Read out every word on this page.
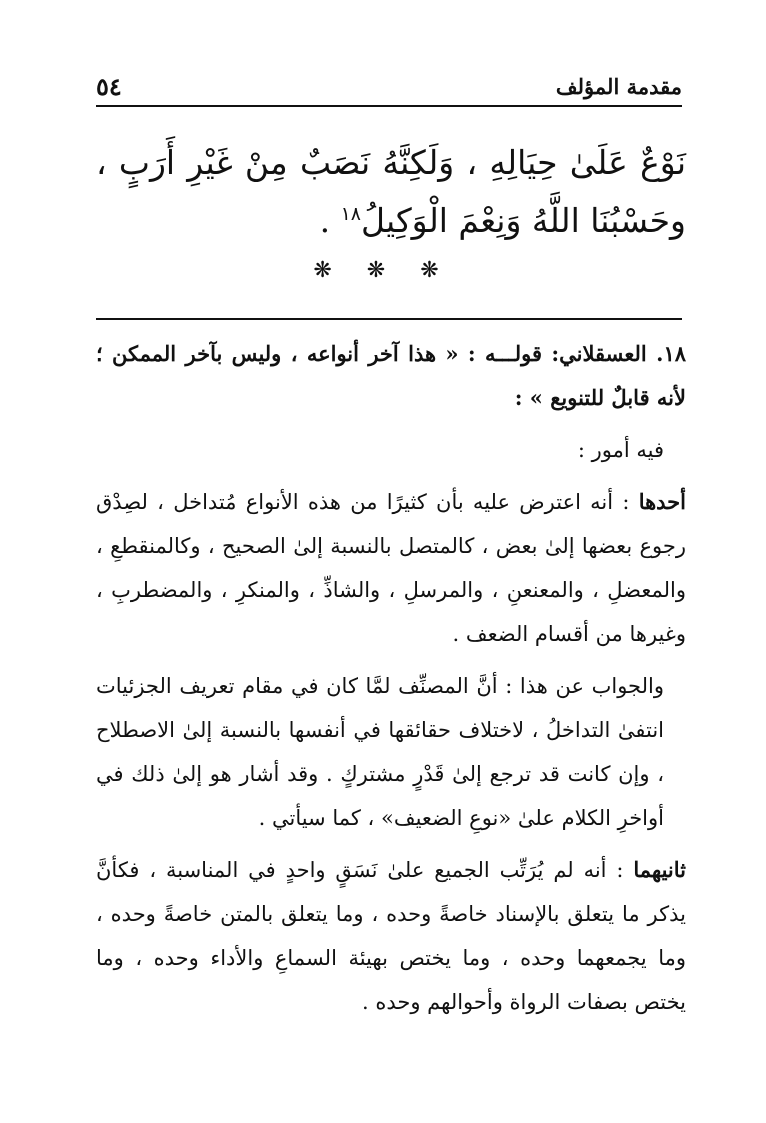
مقدمة المؤلف
٥٤
نَوْعٌ عَلَىٰ حِيَالِهِ ، وَلَكِنَّهُ نَصَبٌ مِنْ غَيْرِ أَرَبٍ ، وحَسْبُنَا اللَّهُ وَنِعْمَ الْوَكِيلُ$^{١٨}$ .
❋ ❋ ❋

١٨. العسقلاني: قولـــه : « هذا آخر أنواعه ، وليس بآخر الممكن ؛ لأنه قابلٌ للتنويع » :

فيه أمور :

أحدها : أنه اعترض عليه بأن كثيرًا من هذه الأنواع مُتداخل ، لصِدْق رجوع بعضها إلىٰ بعض ، كالمتصل بالنسبة إلىٰ الصحيح ، وكالمنقطعِ ، والمعضلِ ، والمعنعنِ ، والمرسلِ ، والشاذِّ ، والمنكرِ ، والمضطربِ ، وغيرها من أقسام الضعف .

والجواب عن هذا : أنَّ المصنِّف لمَّا كان في مقام تعريف الجزئيات انتفىٰ التداخلُ ، لاختلاف حقائقها في أنفسها بالنسبة إلىٰ الاصطلاح ، وإن كانت قد ترجع إلىٰ قَدْرٍ مشتركٍ . وقد أشار هو إلىٰ ذلك في أواخرِ الكلام علىٰ «نوعِ الضعيف» ، كما سيأتي .

ثانيهما : أنه لم يُرَتِّب الجميع علىٰ نَسَقٍ واحدٍ في المناسبة ، فكأنَّ يذكر ما يتعلق بالإسناد خاصةً وحده ، وما يتعلق بالمتن خاصةً وحده ، وما يجمعهما وحده ، وما يختص بهيئة السماعِ والأداء وحده ، وما يختص بصفات الرواة وأحوالهم وحده .
